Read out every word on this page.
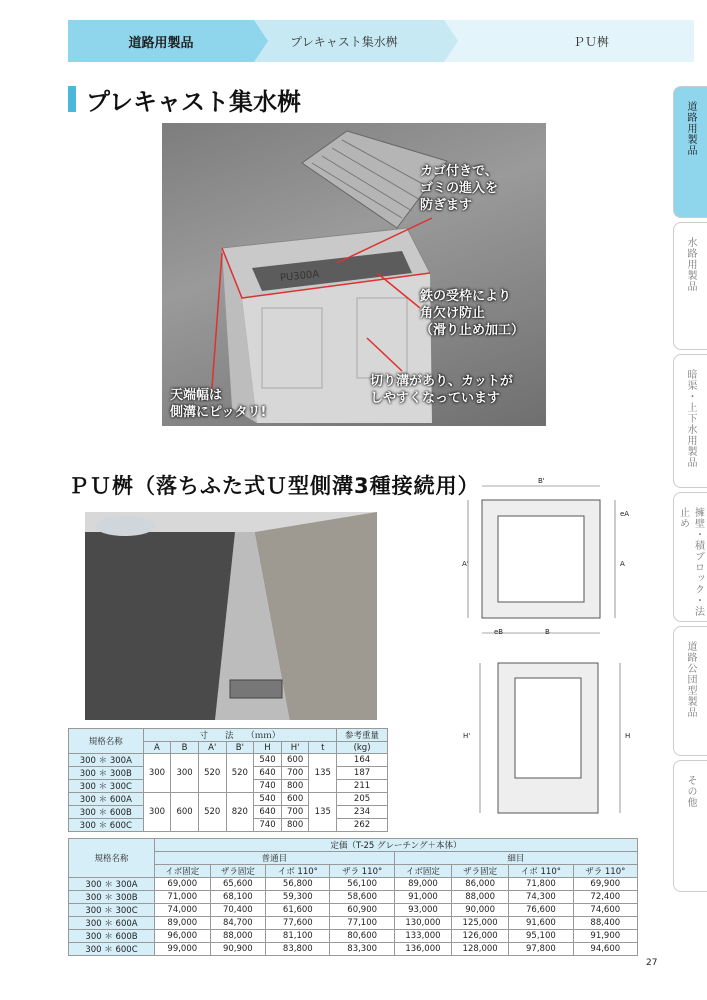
ＰＵ桝
プレキャスト集水桝
道路用製品
プレキャスト集水桝
PU300A
カゴ付きで、
ゴミの進入を
防ぎます
鉄の受枠により
角欠け防止
（滑り止め加工）
切り溝があり、カットが
しやすくなっています
天端幅は
側溝にピッタリ!
ＰＵ桝（落ちふた式Ｕ型側溝3種接続用）	B'
A'
B
A
eB
eA
H'	H
規格名称	寸　　法　　（ｍｍ）							参考重量
	A	B	A'	B'	H	H'	t	(kg)
300 ＊ 300A	300	300	520	520	540	600	135	164
300 ＊ 300B					640	700		187
300 ＊ 300C					740	800		211
300 ＊ 600A	300	600	520	820	540	600	135	205
300 ＊ 600B					640	700		234
300 ＊ 600C					740	800		262
規格名称	定価（T-25 グレーチング＋本体）							
	普通目				細目			
	イボ固定	ザラ固定	イボ 110°	ザラ 110°	イボ固定	ザラ固定	イボ 110°	ザラ 110°
300 ＊ 300A	69,000	65,600	56,800	56,100	89,000	86,000	71,800	69,900
300 ＊ 300B	71,000	68,100	59,300	58,600	91,000	88,000	74,300	72,400
300 ＊ 300C	74,000	70,400	61,600	60,900	93,000	90,000	76,600	74,600
300 ＊ 600A	89,000	84,700	77,600	77,100	130,000	125,000	91,600	88,400
300 ＊ 600B	96,000	88,000	81,100	80,600	133,000	126,000	95,100	91,900
300 ＊ 600C	99,000	90,900	83,800	83,300	136,000	128,000	97,800	94,600
道路用製品
水路用製品
暗渠・上下水用製品
擁壁・積ブロック・法止め
道路公団型製品
その他
27
